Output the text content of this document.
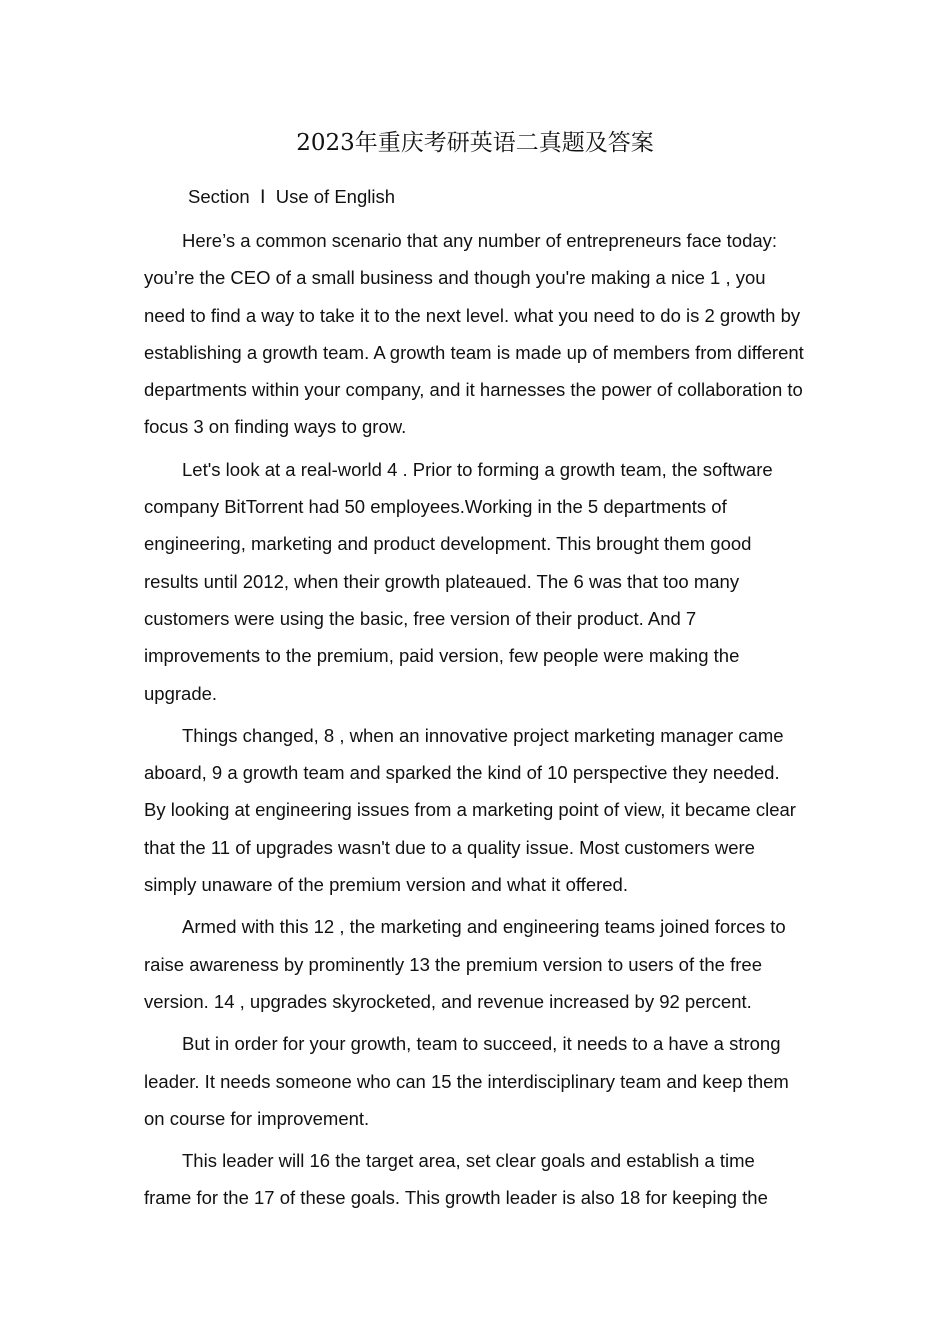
2023年重庆考研英语二真题及答案
Section  Ⅰ  Use of English

Here’s a common scenario that any number of entrepreneurs face today: you’re the CEO of a small business and though you're making a nice 1 , you need to find a way to take it to the next level. what you need to do is 2 growth by establishing a growth team. A growth team is made up of members from different departments within your company, and it harnesses the power of collaboration to focus 3 on finding ways to grow.

Let's look at a real-world 4 . Prior to forming a growth team, the software company BitTorrent had 50 employees.Working in the 5 departments of engineering, marketing and product development. This brought them good results until 2012, when their growth plateaued. The 6 was that too many customers were using the basic, free version of their product. And 7 improvements to the premium, paid version, few people were making the upgrade.

Things changed, 8 , when an innovative project marketing manager came aboard, 9 a growth team and sparked the kind of 10 perspective they needed. By looking at engineering issues from a marketing point of view, it became clear that the 11 of upgrades wasn't due to a quality issue. Most customers were simply unaware of the premium version and what it offered.

Armed with this 12 , the marketing and engineering teams joined forces to raise awareness by prominently 13 the premium version to users of the free version. 14 , upgrades skyrocketed, and revenue increased by 92 percent.

But in order for your growth, team to succeed, it needs to a have a strong leader. It needs someone who can 15 the interdisciplinary team and keep them on course for improvement.

This leader will 16 the target area, set clear goals and establish a time frame for the 17 of these goals. This growth leader is also 18 for keeping the
